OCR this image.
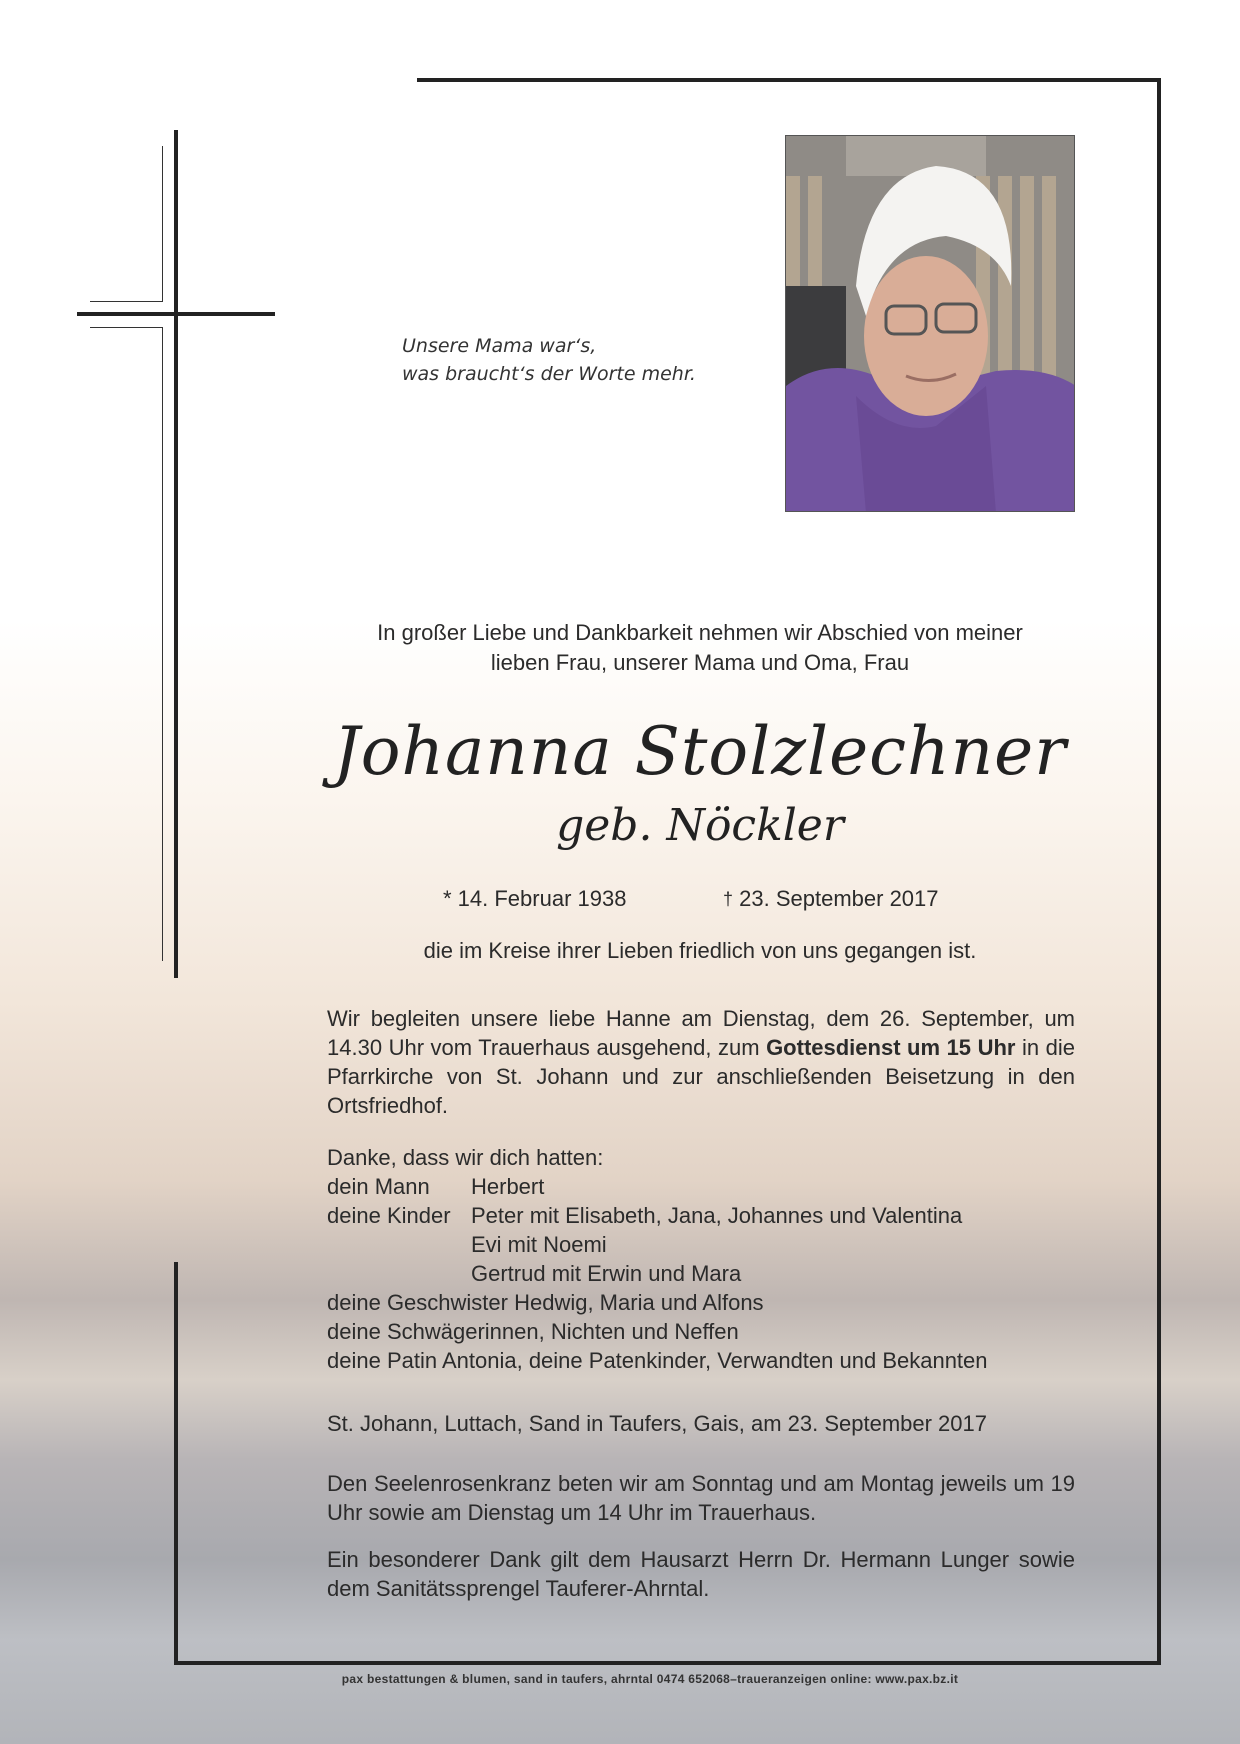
Unsere Mama war‘s,
was braucht‘s der Worte mehr.
In großer Liebe und Dankbarkeit nehmen wir Abschied von meiner
lieben Frau, unserer Mama und Oma, Frau
Johanna Stolzlechner
geb. Nöckler
* 14. Februar 1938	† 23. September 2017
die im Kreise ihrer Lieben friedlich von uns gegangen ist.
Wir begleiten unsere liebe Hanne am Dienstag, dem 26. September, um 14.30 Uhr vom Trauerhaus ausgehend, zum Gottesdienst um 15 Uhr in die Pfarrkirche von St. Johann und zur anschließenden Beisetzung in den Ortsfriedhof.
Danke, dass wir dich hatten:
dein Mann	Herbert
deine Kinder Peter mit Elisabeth, Jana, Johannes und Valentina
Evi mit Noemi
Gertrud mit Erwin und Mara
deine Geschwister Hedwig, Maria und Alfons
deine Schwägerinnen, Nichten und Neffen
deine Patin Antonia, deine Patenkinder, Verwandten und Bekannten
St. Johann, Luttach, Sand in Taufers, Gais, am 23. September 2017
Den Seelenrosenkranz beten wir am Sonntag und am Montag jeweils um 19 Uhr sowie am Dienstag um 14 Uhr im Trauerhaus.
Ein besonderer Dank gilt dem Hausarzt Herrn Dr. Hermann Lunger sowie dem Sanitätssprengel Tauferer-Ahrntal.
pax bestattungen & blumen, sand in taufers, ahrntal 0474 652068–traueranzeigen online: www.pax.bz.it
